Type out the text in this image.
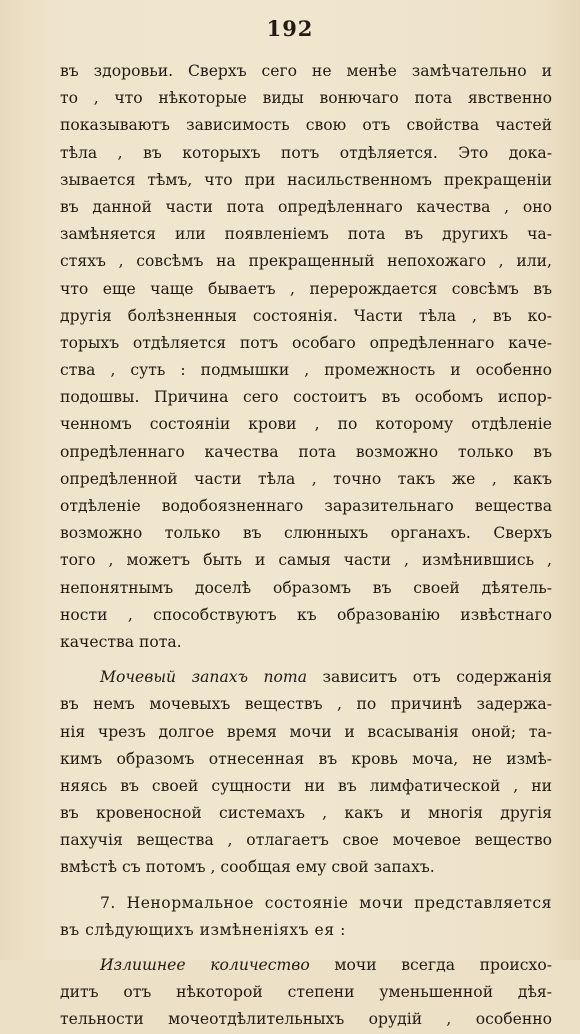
192
въ здоровьи. Сверхъ сего не менѣе замѣчательно и
то , что нѣкоторые виды вонючаго пота явственно
показываютъ зависимость свою отъ свойства частей
тѣла , въ которыхъ потъ отдѣляется. Это дока-
зывается тѣмъ, что при насильственномъ прекращенiи
въ данной части пота опредѣленнаго качества , оно
замѣняется или появленiемъ пота въ другихъ ча-
стяхъ , совсѣмъ на прекращенный непохожаго , или,
что еще чаще бываетъ , перерождается совсѣмъ въ
другiя болѣзненныя состоянiя. Части тѣла , въ ко-
торыхъ отдѣляется потъ особаго опредѣленнаго каче-
ства , суть : подмышки , промежность и особенно
подошвы. Причина сего состоитъ въ особомъ испор-
ченномъ состоянiи крови , по которому отдѣленiе
опредѣленнаго качества пота возможно только въ
опредѣленной части тѣла , точно такъ же , какъ
отдѣленiе водобоязненнаго заразительнаго вещества
возможно только въ слюнныхъ органахъ. Сверхъ
того , можетъ быть и самыя части , измѣнившись ,
непонятнымъ доселѣ образомъ въ своей дѣятель-
ности , способствуютъ къ образованiю извѣстнаго
качества пота.
Мочевый запахъ пота зависитъ отъ содержанiя
въ немъ мочевыхъ веществъ , по причинѣ задержа-
нiя чрезъ долгое время мочи и всасыванiя оной; та-
кимъ образомъ отнесенная въ кровь моча, не измѣ-
няясь въ своей сущности ни въ лимфатической , ни
въ кровеносной системахъ , какъ и многiя другiя
пахучiя вещества , отлагаетъ свое мочевое вещество
вмѣстѣ съ потомъ , сообщая ему свой запахъ.
7. Ненормальное состоянiе мочи представляется
въ слѣдующихъ измѣненiяхъ ея :
Излишнее количество мочи всегда происхо-
дитъ отъ нѣкоторой степени уменьшенной дѣя-
тельности мочеотдѣлительныхъ орудiй , особенно
